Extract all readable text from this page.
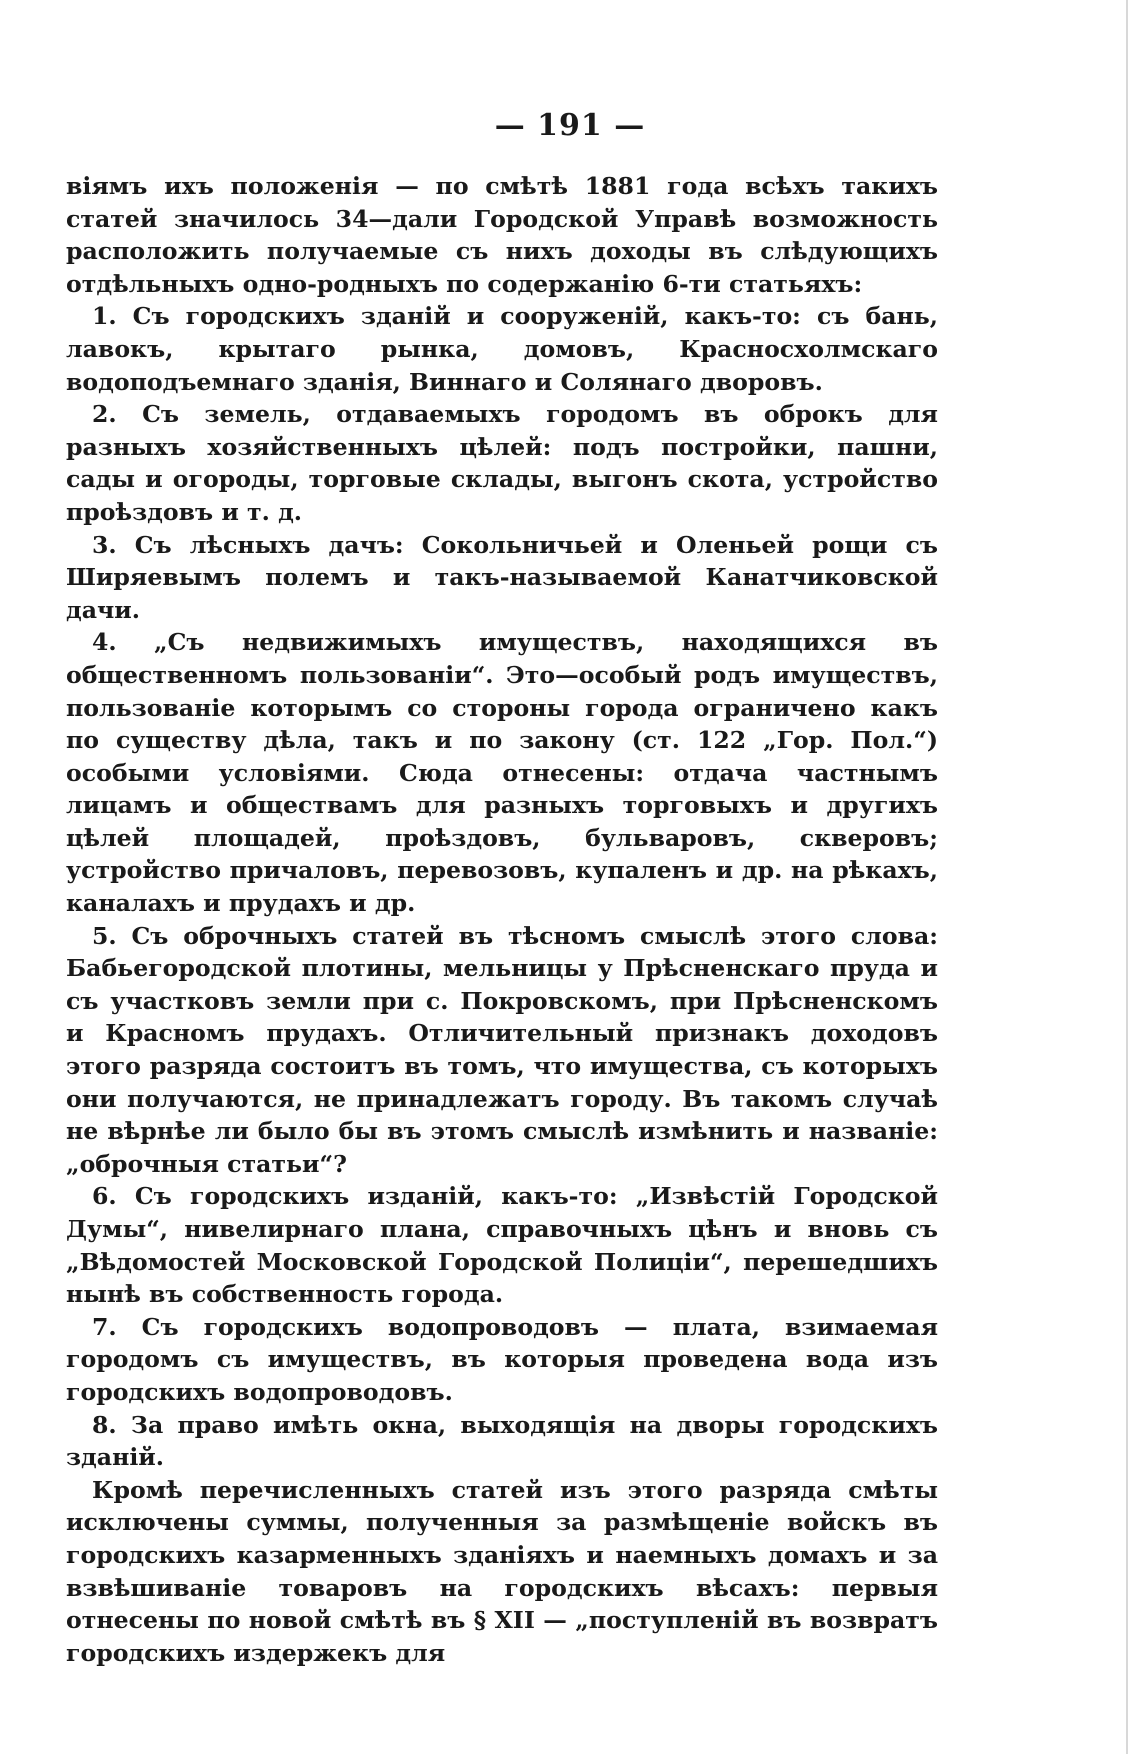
— 191 —

віямъ ихъ положенія — по смѣтѣ 1881 года всѣхъ такихъ статей значилось 34—дали Городской Управѣ возможность расположить получаемые съ нихъ доходы въ слѣдующихъ отдѣльныхъ одно-родныхъ по содержанію 6-ти статьяхъ:

1. Съ городскихъ зданій и сооруженій, какъ-то: съ бань, лавокъ, крытаго рынка, домовъ, Красносхолмскаго водоподъемнаго зданія, Виннаго и Солянаго дворовъ.

2. Съ земель, отдаваемыхъ городомъ въ оброкъ для разныхъ хозяйственныхъ цѣлей: подъ постройки, пашни, сады и огороды, торговые склады, выгонъ скота, устройство проѣздовъ и т. д.

3. Съ лѣсныхъ дачъ: Сокольничьей и Оленьей рощи съ Ширяевымъ полемъ и такъ-называемой Канатчиковской дачи.

4. „Съ недвижимыхъ имуществъ, находящихся въ общественномъ пользованіи“. Это—особый родъ имуществъ, пользованіе которымъ со стороны города ограничено какъ по существу дѣла, такъ и по закону (ст. 122 „Гор. Пол.“) особыми условіями. Сюда отнесены: отдача частнымъ лицамъ и обществамъ для разныхъ торговыхъ и другихъ цѣлей площадей, проѣздовъ, бульваровъ, скверовъ; устройство причаловъ, перевозовъ, купаленъ и др. на рѣкахъ, каналахъ и прудахъ и др.

5. Съ оброчныхъ статей въ тѣсномъ смыслѣ этого слова: Бабьегородской плотины, мельницы у Прѣсненскаго пруда и съ участковъ земли при с. Покровскомъ, при Прѣсненскомъ и Красномъ прудахъ. Отличительный признакъ доходовъ этого разряда состоитъ въ томъ, что имущества, съ которыхъ они получаются, не принадлежатъ городу. Въ такомъ случаѣ не вѣрнѣе ли было бы въ этомъ смыслѣ измѣнить и названіе: „оброчныя статьи“?

6. Съ городскихъ изданій, какъ-то: „Извѣстій Городской Думы“, нивелирнаго плана, справочныхъ цѣнъ и вновь съ „Вѣдомостей Московской Городской Полиціи“, перешедшихъ нынѣ въ собственность города.

7. Съ городскихъ водопроводовъ — плата, взимаемая городомъ съ имуществъ, въ которыя проведена вода изъ городскихъ водопроводовъ.

8. За право имѣть окна, выходящія на дворы городскихъ зданій.

Кромѣ перечисленныхъ статей изъ этого разряда смѣты исключены суммы, полученныя за размѣщеніе войскъ въ городскихъ казарменныхъ зданіяхъ и наемныхъ домахъ и за взвѣшиваніе товаровъ на городскихъ вѣсахъ: первыя отнесены по новой смѣтѣ въ § XII — „поступленій въ возвратъ городскихъ издержекъ для
